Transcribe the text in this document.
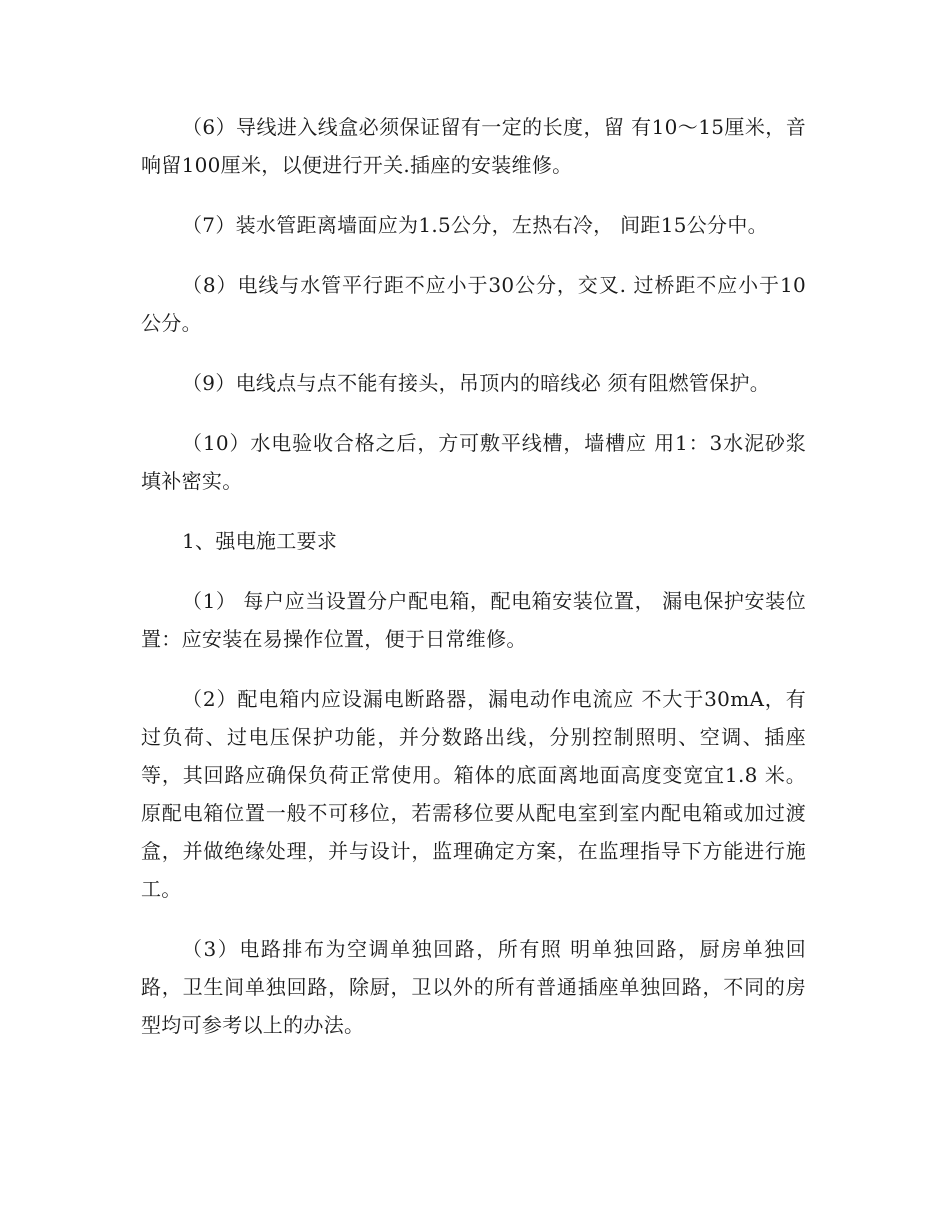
（6）导线进入线盒必须保证留有一定的长度，留 有10～15厘米，音响留100厘米，以便进行开关.插座的安装维修。

（7）装水管距离墙面应为1.5公分，左热右冷， 间距15公分中。

（8）电线与水管平行距不应小于30公分，交叉. 过桥距不应小于10公分。

（9）电线点与点不能有接头，吊顶内的暗线必 须有阻燃管保护。

（10）水电验收合格之后，方可敷平线槽，墙槽应 用1：3水泥砂浆填补密实。

1、强电施工要求

（1） 每户应当设置分户配电箱，配电箱安装位置， 漏电保护安装位置：应安装在易操作位置，便于日常维修。

（2）配电箱内应设漏电断路器，漏电动作电流应 不大于30mA，有过负荷、过电压保护功能，并分数路出线，分别控制照明、空调、插座等，其回路应确保负荷正常使用。箱体的底面离地面高度变宽宜1.8 米。原配电箱位置一般不可移位，若需移位要从配电室到室内配电箱或加过渡盒，并做绝缘处理，并与设计，监理确定方案，在监理指导下方能进行施工。

（3）电路排布为空调单独回路，所有照 明单独回路，厨房单独回路，卫生间单独回路，除厨，卫以外的所有普通插座单独回路，不同的房型均可参考以上的办法。
